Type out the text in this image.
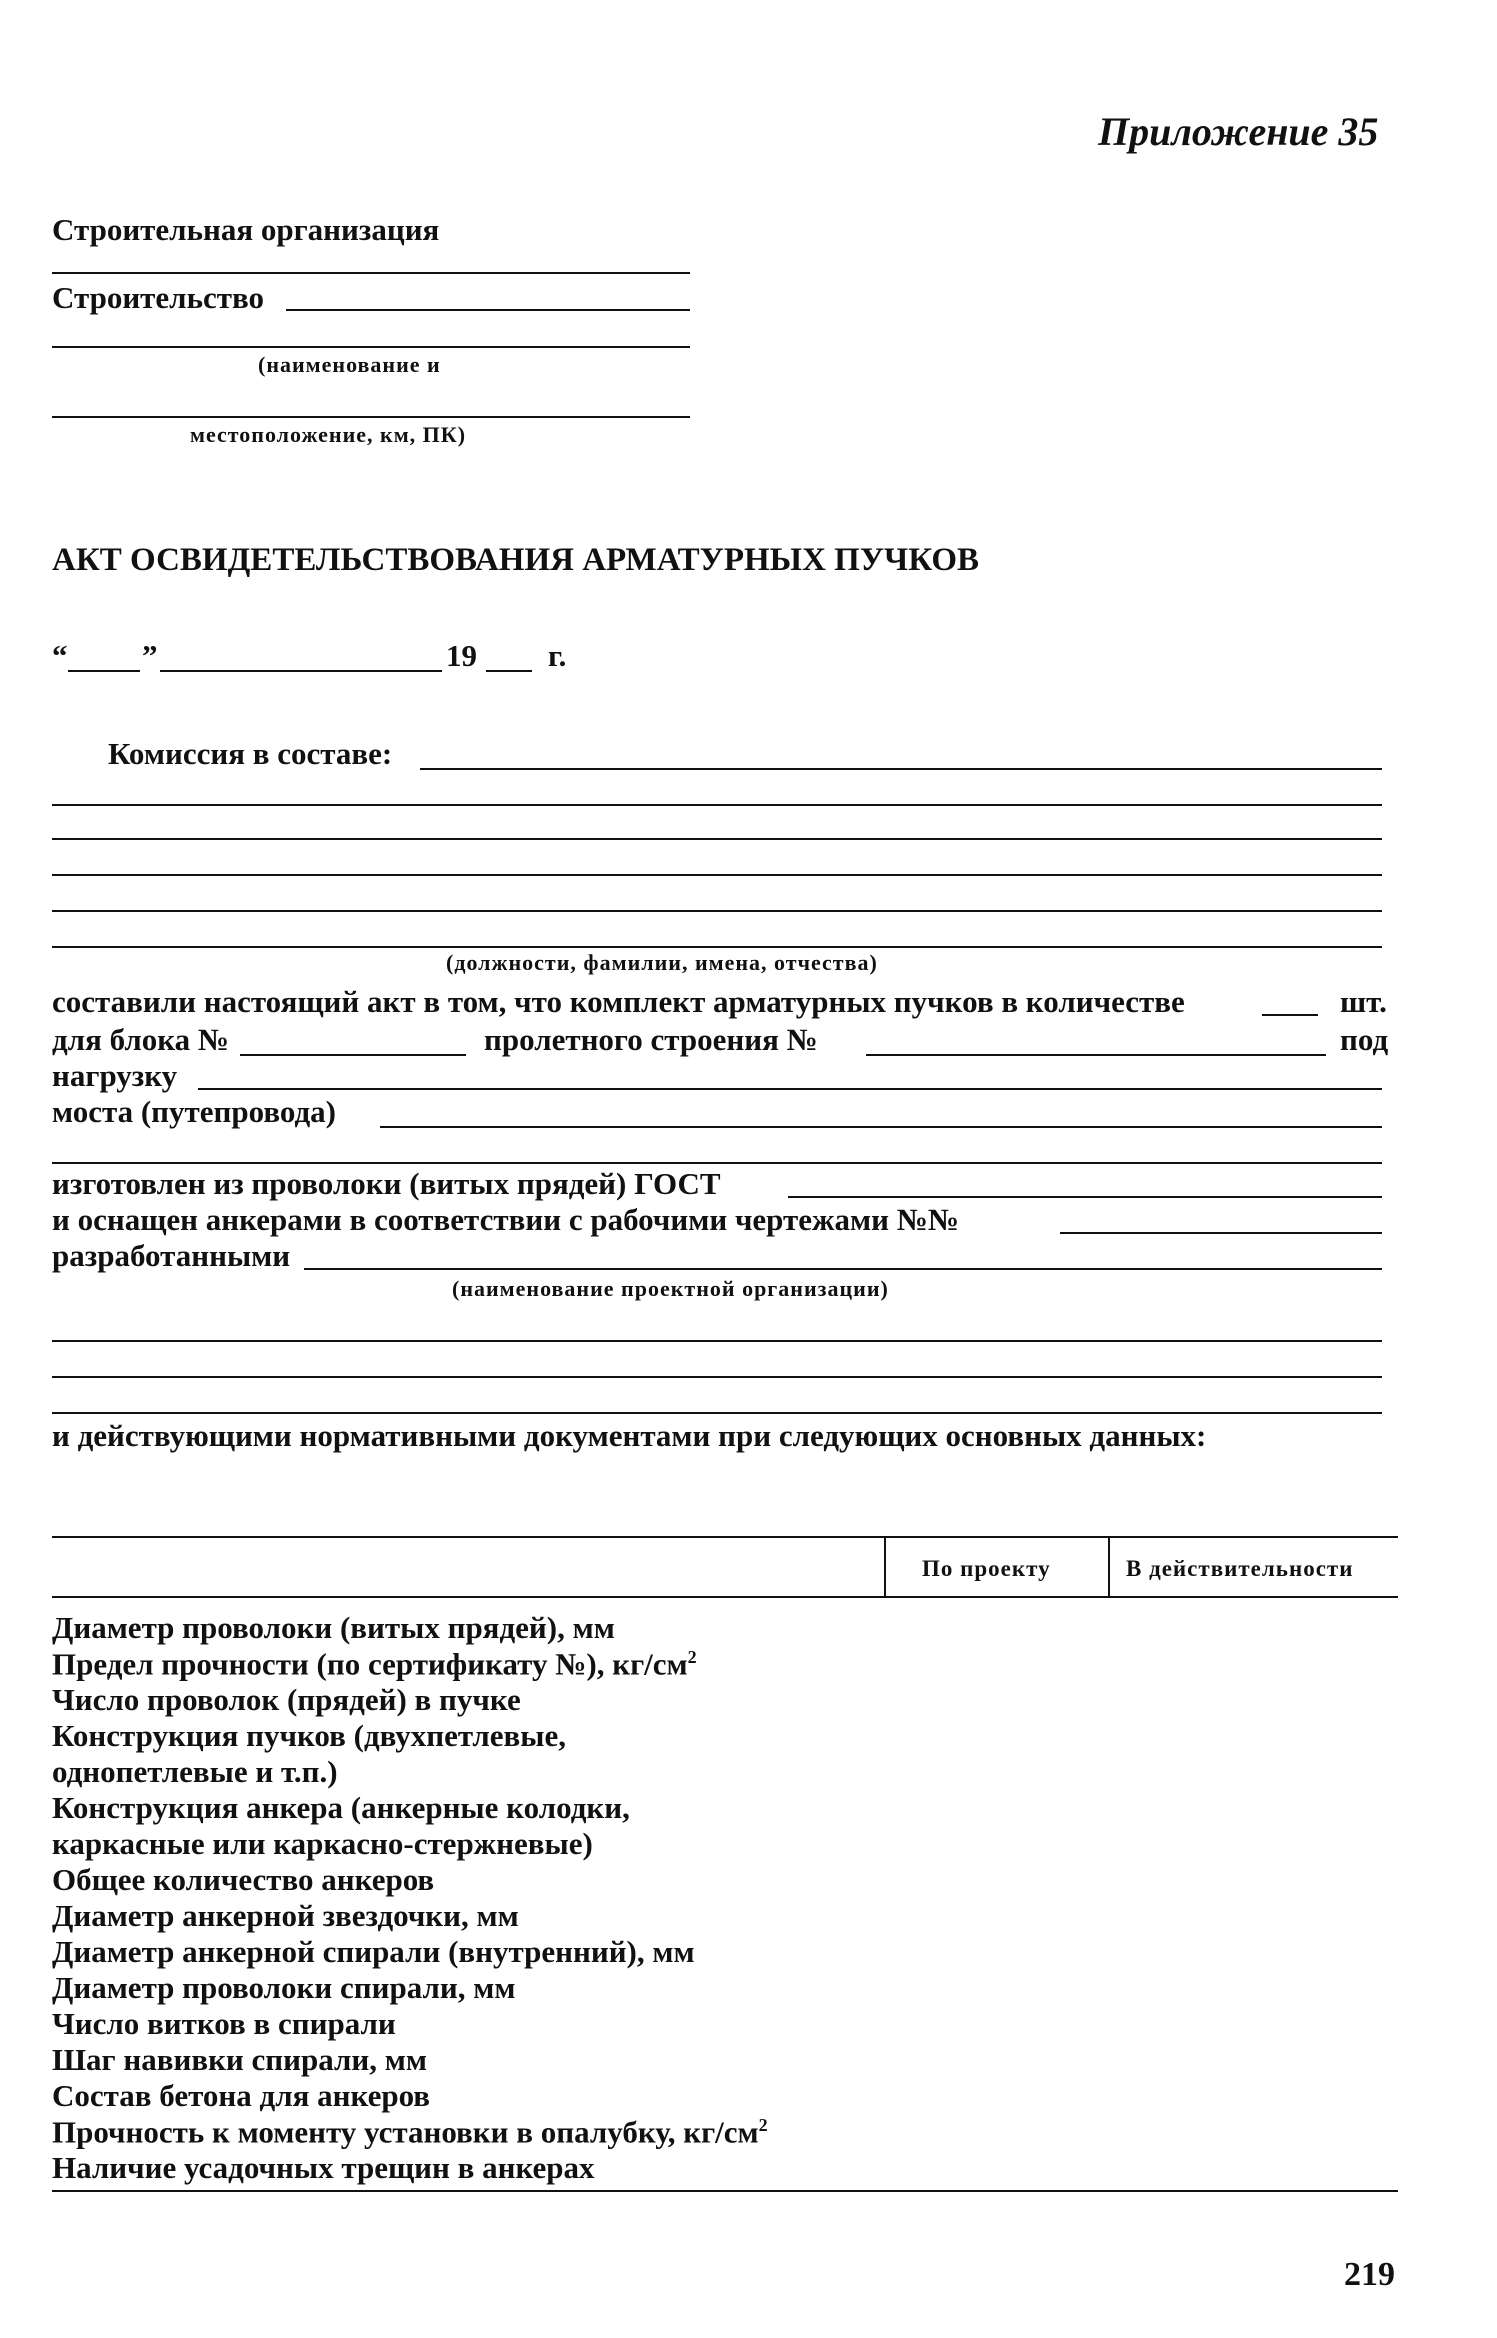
Приложение 35
Строительная организация
Строительство
(наименование и
местоположение, км, ПК)
АКТ ОСВИДЕТЕЛЬСТВОВАНИЯ АРМАТУРНЫХ ПУЧКОВ
“ ”	19 г.
Комиссия в составе:
(должности, фамилии, имена, отчества)
составили настоящий акт в том, что комплект арматурных пучков в количестве	шт.
для блока №	пролетного строения №	под
нагрузку
моста (путепровода)
изготовлен из проволоки (витых прядей) ГОСТ
и оснащен анкерами в соответствии с рабочими чертежами №№
разработанными
(наименование проектной организации)
и действующими нормативными документами при следующих основных данных:
По проекту	В действительности
Диаметр проволоки (витых прядей), мм
Предел прочности (по сертификату №), $кг/см^2$
Число проволок (прядей) в пучке
Конструкция пучков (двухпетлевые,
однопетлевые и т.п.)
Конструкция анкера (анкерные колодки,
каркасные или каркасно-стержневые)
Общее количество анкеров
Диаметр анкерной звездочки, мм
Диаметр анкерной спирали (внутренний), мм
Диаметр проволоки спирали, мм
Число витков в спирали
Шаг навивки спирали, мм
Состав бетона для анкеров
Прочность к моменту установки в опалубку, $кг/см^2$
Наличие усадочных трещин в анкерах
219
